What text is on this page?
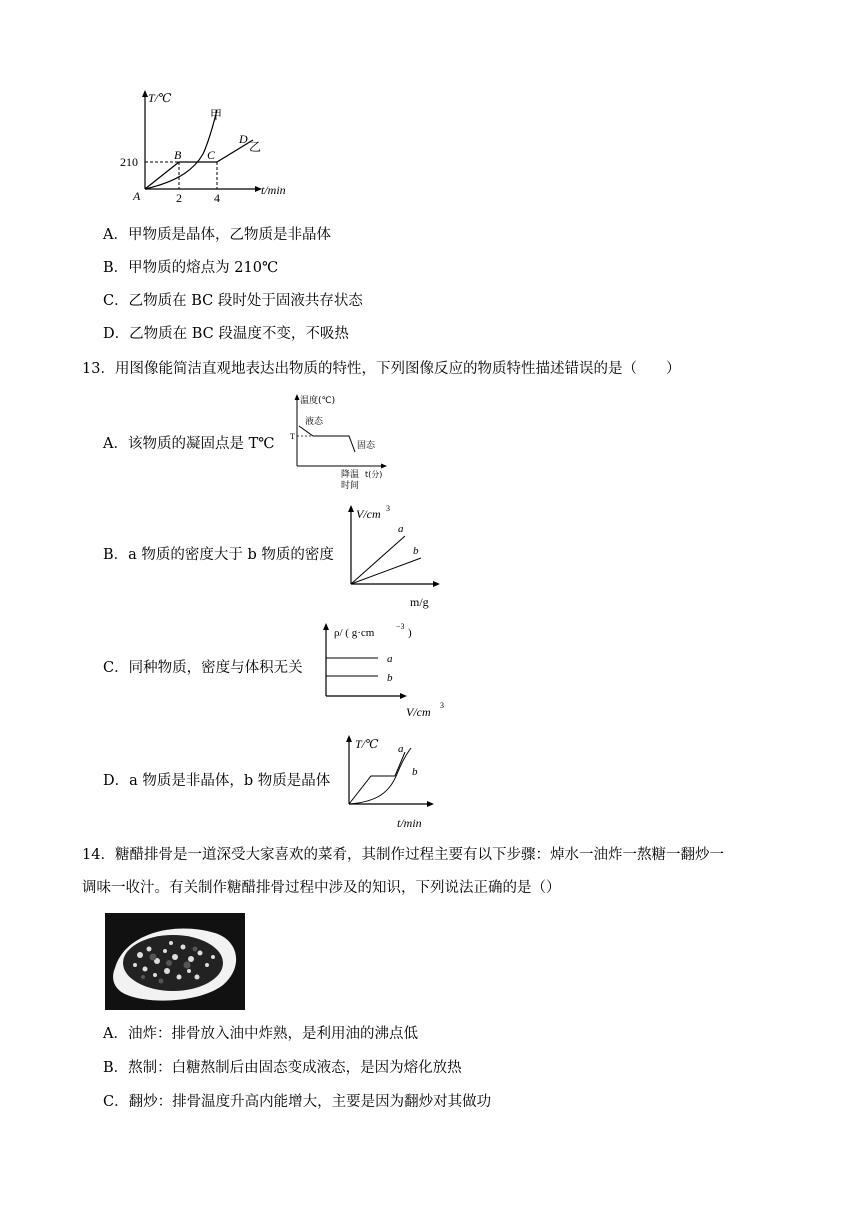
T/℃
t/min
210
2	4
A
B C
D
甲
乙
A．甲物质是晶体，乙物质是非晶体
B．甲物质的熔点为 210℃
C．乙物质在 BC 段时处于固液共存状态
D．乙物质在 BC 段温度不变，不吸热
13．用图像能简洁直观地表达出物质的特性，下列图像反应的物质特性描述错误的是（　　）
A．该物质的凝固点是 T℃
温度(℃)
液态
T
固态
降温 t(分)
时间
B．a 物质的密度大于 b 物质的密度
V/cm 3
a
b
m/g
C．同种物质，密度与体积无关
ρ/ ( g·cm
−3
)
a
b
V/cm 3
D．a 物质是非晶体，b 物质是晶体
T/℃ a
b
t/min
14．糖醋排骨是一道深受大家喜欢的菜肴，其制作过程主要有以下步骤：焯水一油炸一熬糖一翻炒一
调味一收汁。有关制作糖醋排骨过程中涉及的知识，下列说法正确的是（）
A．油炸：排骨放入油中炸熟，是利用油的沸点低
B．熬制：白糖熬制后由固态变成液态，是因为熔化放热
C．翻炒：排骨温度升高内能增大，主要是因为翻炒对其做功
